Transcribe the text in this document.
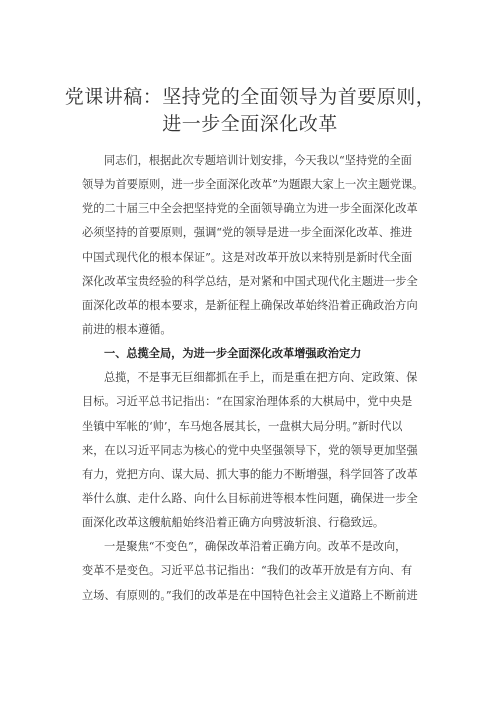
党课讲稿：坚持党的全面领导为首要原则，
进一步全面深化改革
同志们，根据此次专题培训计划安排，今天我以“坚持党的全面
领导为首要原则，进一步全面深化改革”为题跟大家上一次主题党课。
党的二十届三中全会把坚持党的全面领导确立为进一步全面深化改革
必须坚持的首要原则，强调“党的领导是进一步全面深化改革、推进
中国式现代化的根本保证”。这是对改革开放以来特别是新时代全面
深化改革宝贵经验的科学总结，是对紧和中国式现代化主题进一步全
面深化改革的根本要求，是新征程上确保改革始终沿着正确政治方向
前进的根本遵循。
一、总揽全局，为进一步全面深化改革增强政治定力
总揽，不是事无巨细都抓在手上，而是重在把方向、定政策、保
目标。习近平总书记指出：“在国家治理体系的大棋局中，党中央是
坐镇中军帐的‘帅’，车马炮各展其长，一盘棋大局分明。”新时代以
来，在以习近平同志为核心的党中央坚强领导下，党的领导更加坚强
有力，党把方向、谋大局、抓大事的能力不断增强，科学回答了改革
举什么旗、走什么路、向什么目标前进等根本性问题，确保进一步全
面深化改革这艘航船始终沿着正确方向劈波斩浪、行稳致远。
一是聚焦“不变色”，确保改革沿着正确方向。改革不是改向，
变革不是变色。习近平总书记指出：“我们的改革开放是有方向、有
立场、有原则的。”我们的改革是在中国特色社会主义道路上不断前进
